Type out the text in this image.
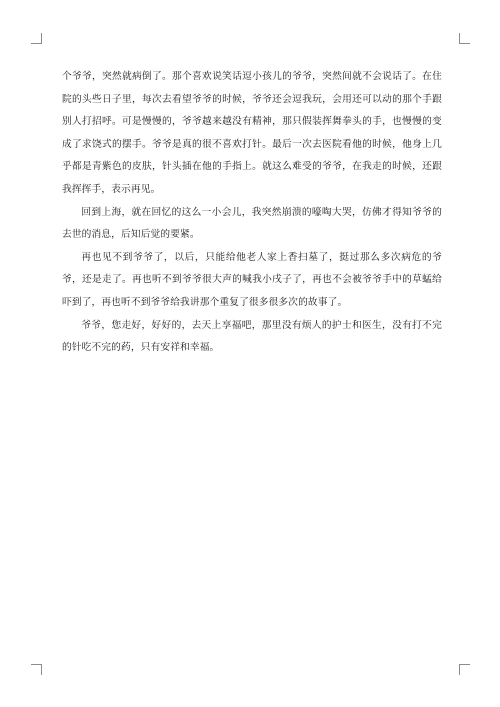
个爷爷，突然就病倒了。那个喜欢说笑话逗小孩儿的爷爷，突然间就不会说话了。在住院的头些日子里，每次去看望爷爷的时候，爷爷还会逗我玩，会用还可以动的那个手跟别人打招呼。可是慢慢的，爷爷越来越没有精神，那只假装挥舞拳头的手，也慢慢的变成了求饶式的摆手。爷爷是真的很不喜欢打针。最后一次去医院看他的时候，他身上几乎都是青紫色的皮肤，针头插在他的手指上。就这么难受的爷爷，在我走的时候，还跟我挥挥手，表示再见。

回到上海，就在回忆的这么一小会儿，我突然崩溃的嚎啕大哭，仿佛才得知爷爷的去世的消息，后知后觉的要紧。

再也见不到爷爷了，以后，只能给他老人家上香扫墓了，挺过那么多次病危的爷爷，还是走了。再也听不到爷爷很大声的喊我小戌子了，再也不会被爷爷手中的草蜢给吓到了，再也听不到爷爷给我讲那个重复了很多很多次的故事了。

爷爷，您走好，好好的，去天上享福吧，那里没有烦人的护士和医生，没有打不完的针吃不完的药，只有安祥和幸福。
